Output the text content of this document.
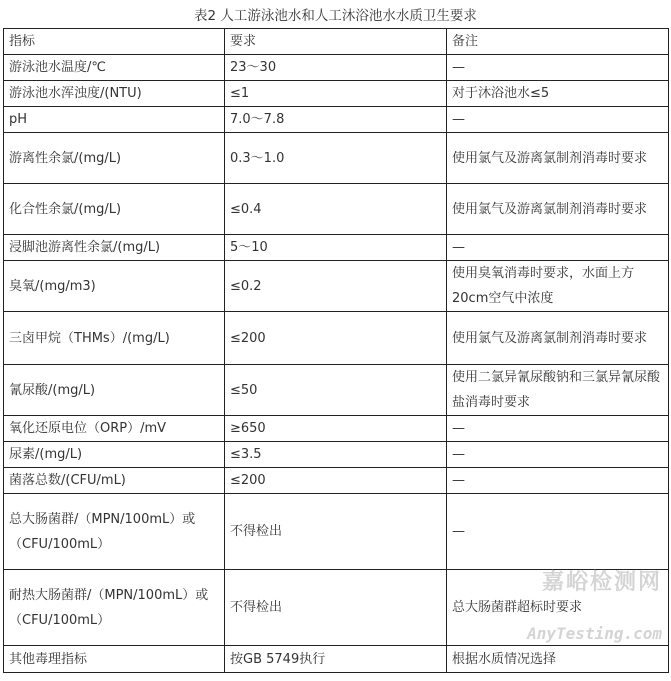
表2 人工游泳池水和人工沐浴池水水质卫生要求
指标	要求	备注
游泳池水温度/℃	23～30	—
游泳池水浑浊度/(NTU)	≤1	对于沐浴池水≤5
pH	7.0～7.8	—
游离性余氯/(mg/L)	0.3～1.0	使用氯气及游离氯制剂消毒时要求
化合性余氯/(mg/L)	≤0.4	使用氯气及游离氯制剂消毒时要求
浸脚池游离性余氯/(mg/L)	5～10	—
臭氧/(mg/m3)	≤0.2	使用臭氧消毒时要求，水面上方20cm空气中浓度
三卤甲烷（THMs）/(mg/L)	≤200	使用氯气及游离氯制剂消毒时要求
氰尿酸/(mg/L)	≤50	使用二氯异氰尿酸钠和三氯异氰尿酸盐消毒时要求
氧化还原电位（ORP）/mV	≥650	—
尿素/(mg/L)	≤3.5	—
菌落总数/(CFU/mL)	≤200	—
总大肠菌群/（MPN/100mL）或（CFU/100mL）	不得检出	—
耐热大肠菌群/（MPN/100mL）或（CFU/100mL）	不得检出	总大肠菌群超标时要求
嘉峪检测网
AnyTesting.com

其他毒理指标	按GB 5749执行	根据水质情况选择
